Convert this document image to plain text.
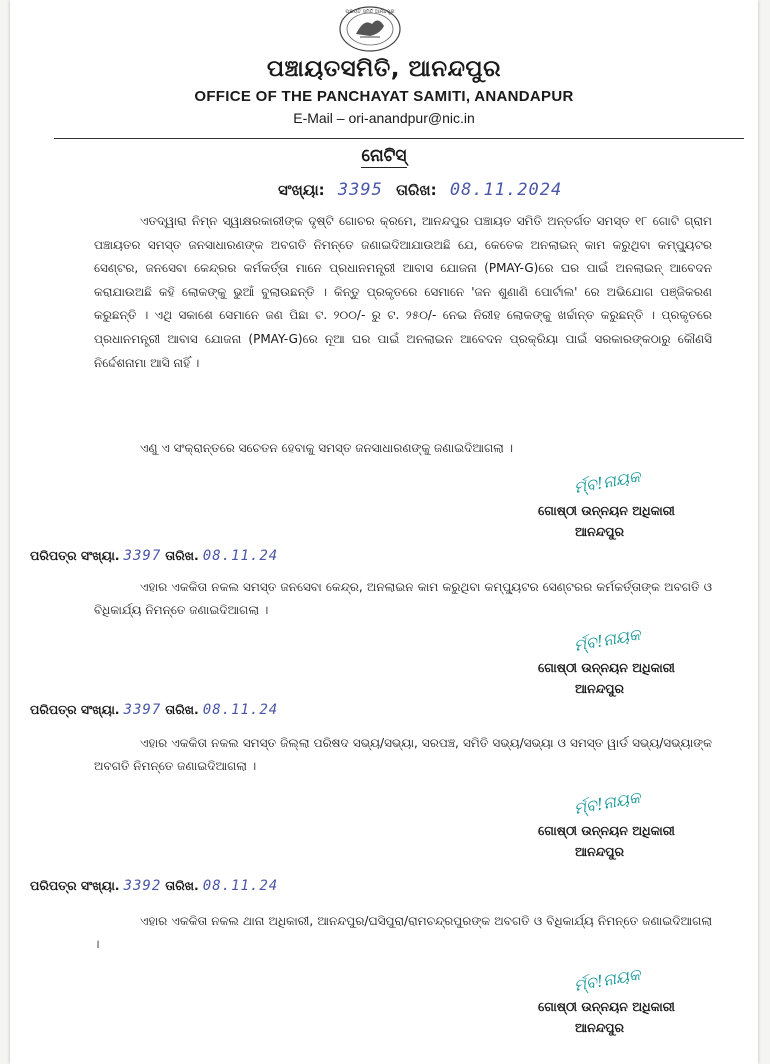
ପଞ୍ଚାୟତ ସମିତି ଆନନ୍ଦପୁର
ପଞ୍ଚାୟତସମିତି, ଆନନ୍ଦପୁର
OFFICE OF THE PANCHAYAT SAMITI, ANANDAPUR
E-Mail – ori-anandpur@nic.in
ନୋଟିସ୍
ସଂଖ୍ୟା: 3395 ତାରିଖ: 08.11.2024
ଏତଦ୍ୱାରା ନିମ୍ନ ସ୍ୱାକ୍ଷରକାରୀଙ୍କ ଦୃଷ୍ଟି ଗୋଚର କ୍ରମେ, ଆନନ୍ଦପୁର ପଞ୍ଚାୟତ ସମିତି ଅନ୍ତର୍ଗତ ସମସ୍ତ ୧୮ ଗୋଟି ଗ୍ରାମ ପଞ୍ଚାୟତର ସମସ୍ତ ଜନସାଧାରଣଙ୍କ ଅବଗତି ନିମନ୍ତେ ଜଣାଇଦିଆଯାଉଅଛି ଯେ, କେତେକ ଅନଲାଇନ୍ କାମ କରୁଥିବା କମ୍ପ୍ୟୁଟର ସେଣ୍ଟର, ଜନସେବା କେନ୍ଦ୍ରର କର୍ମକର୍ତ୍ତା ମାନେ ପ୍ରଧାନମନ୍ତ୍ରୀ ଆବାସ ଯୋଜନା (PMAY-G)ରେ ଘର ପାଇଁ ଅନଲାଇନ୍ ଆବେଦନ କରାଯାଉଅଛି କହି ଲୋକଙ୍କୁ ଭୁଆଁ ବୁଲାଉଛନ୍ତି । କିନ୍ତୁ ପ୍ରକୃତରେ ସେମାନେ 'ଜନ ଶୁଣାଣି ପୋର୍ଟାଲ' ରେ ଅଭିଯୋଗ ପଞ୍ଜିକରଣ କରୁଛନ୍ତି । ଏଥି ସକାଶେ ସେମାନେ ଜଣ ପିଛା ଟ. ୨୦୦/- ରୁ ଟ. ୨୫୦/- ନେଇ ନିରୀହ ଲୋକଙ୍କୁ ଖର୍ଚ୍ଚାନ୍ତ କରୁଛନ୍ତି । ପ୍ରକୃତରେ ପ୍ରଧାନମନ୍ତ୍ରୀ ଆବାସ ଯୋଜନା (PMAY-G)ରେ ନୂଆ ଘର ପାଇଁ ଅନଲାଇନ ଆବେଦନ ପ୍ରକ୍ରିୟା ପାଇଁ ସରକାରଙ୍କଠାରୁ କୌଣସି ନିର୍ଦ୍ଦେଶନାମା ଆସି ନାହିଁ ।
ଏଣୁ ଏ ସଂକ୍ରାନ୍ତରେ ସଚେତନ ହେବାକୁ ସମସ୍ତ ଜନସାଧାରଣଙ୍କୁ ଜଣାଇଦିଆଗଲା ।
ର୍ମ୍ବ!ନାୟକ
ଗୋଷ୍ଠୀ ଉନ୍ନୟନ ଅଧିକାରୀ
ଆନନ୍ଦପୁର
ପରିପତ୍ର ସଂଖ୍ୟା. 3397 ତାରିଖ. 08.11.24
ଏହାର ଏକକିତା ନକଲ ସମସ୍ତ ଜନସେବା କେନ୍ଦ୍ର, ଅନଲାଇନ କାମ କରୁଥିବା କମ୍ପ୍ୟୁଟର ସେଣ୍ଟରର କର୍ମକର୍ତ୍ତାଙ୍କ ଅବଗତି ଓ ବିଧିକାର୍ଯ୍ୟ ନିମନ୍ତେ ଜଣାଇଦିଆଗଲା ।
ର୍ମ୍ବ!ନାୟକ
ଗୋଷ୍ଠୀ ଉନ୍ନୟନ ଅଧିକାରୀ
ଆନନ୍ଦପୁର
ପରିପତ୍ର ସଂଖ୍ୟା. 3397 ତାରିଖ. 08.11.24
ଏହାର ଏକକିତା ନକଲ ସମସ୍ତ ଜିଲ୍ଲା ପରିଷଦ ସଭ୍ୟ/ସଭ୍ୟା, ସରପଞ୍ଚ, ସମିତି ସଭ୍ୟ/ସଭ୍ୟା ଓ ସମସ୍ତ ୱାର୍ଡ ସଭ୍ୟ/ସଭ୍ୟାଙ୍କ ଅବଗତି ନିମନ୍ତେ ଜଣାଇଦିଆଗଲା ।
ର୍ମ୍ବ!ନାୟକ
ଗୋଷ୍ଠୀ ଉନ୍ନୟନ ଅଧିକାରୀ
ଆନନ୍ଦପୁର
ପରିପତ୍ର ସଂଖ୍ୟା. 3392 ତାରିଖ. 08.11.24
ଏହାର ଏକକିତା ନକଲ ଥାନା ଅଧିକାରୀ, ଆନନ୍ଦପୁର/ଘସିପୁରା/ରାମଚନ୍ଦ୍ରପୁରଙ୍କ ଅବଗତି ଓ ବିଧିକାର୍ଯ୍ୟ ନିମନ୍ତେ ଜଣାଇଦିଆଗଲା ।
ର୍ମ୍ବ!ନାୟକ
ଗୋଷ୍ଠୀ ଉନ୍ନୟନ ଅଧିକାରୀ
ଆନନ୍ଦପୁର
